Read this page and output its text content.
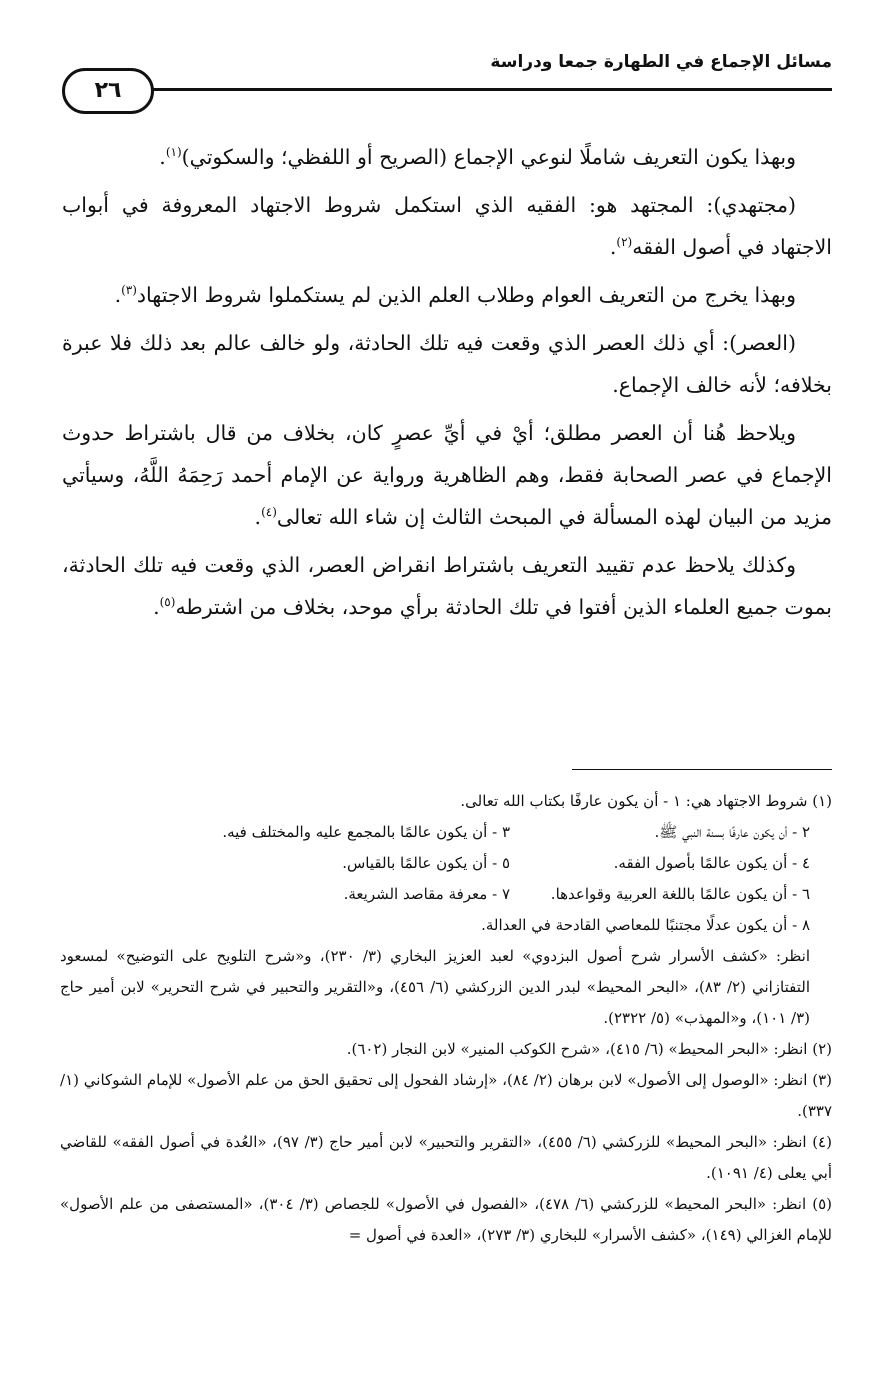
مسائل الإجماع في الطهارة جمعا ودراسة
٢٦

وبهذا يكون التعريف شاملًا لنوعي الإجماع (الصريح أو اللفظي؛ والسكوتي)$^{(١)}$.

(مجتهدي): المجتهد هو: الفقيه الذي استكمل شروط الاجتهاد المعروفة في أبواب الاجتهاد في أصول الفقه$^{(٢)}$.

وبهذا يخرج من التعريف العوام وطلاب العلم الذين لم يستكملوا شروط الاجتهاد$^{(٣)}$.

(العصر): أي ذلك العصر الذي وقعت فيه تلك الحادثة، ولو خالف عالم بعد ذلك فلا عبرة بخلافه؛ لأنه خالف الإجماع.

ويلاحظ هُنا أن العصر مطلق؛ أيْ في أيِّ عصرٍ كان، بخلاف من قال باشتراط حدوث الإجماع في عصر الصحابة فقط، وهم الظاهرية ورواية عن الإمام أحمد رَحِمَهُ اللَّهُ، وسيأتي مزيد من البيان لهذه المسألة في المبحث الثالث إن شاء الله تعالى$^{(٤)}$.

وكذلك يلاحظ عدم تقييد التعريف باشتراط انقراض العصر، الذي وقعت فيه تلك الحادثة، بموت جميع العلماء الذين أفتوا في تلك الحادثة برأي موحد، بخلاف من اشترطه$^{(٥)}$.

(١) شروط الاجتهاد هي: ١ - أن يكون عارفًا بكتاب الله تعالى.

٢ - أن يكون عارفًا بسنة النبي ﷺ.
٣ - أن يكون عالمًا بالمجمع عليه والمختلف فيه.
٤ - أن يكون عالمًا بأصول الفقه.
٥ - أن يكون عالمًا بالقياس.
٦ - أن يكون عالمًا باللغة العربية وقواعدها.
٧ - معرفة مقاصد الشريعة.

٨ - أن يكون عدلًا مجتنبًا للمعاصي القادحة في العدالة.

انظر: «كشف الأسرار شرح أصول البزدوي» لعبد العزيز البخاري (٣/ ٢٣٠)، و«شرح التلويح على التوضيح» لمسعود التفتازاني (٢/ ٨٣)، «البحر المحيط» لبدر الدين الزركشي (٦/ ٤٥٦)، و«التقرير والتحبير في شرح التحرير» لابن أمير حاج (٣/ ١٠١)، و«المهذب» (٥/ ٢٣٢٢).

(٢) انظر: «البحر المحيط» (٦/ ٤١٥)، «شرح الكوكب المنير» لابن النجار (٦٠٢).

(٣) انظر: «الوصول إلى الأصول» لابن برهان (٢/ ٨٤)، «إرشاد الفحول إلى تحقيق الحق من علم الأصول» للإمام الشوكاني (١/ ٣٣٧).

(٤) انظر: «البحر المحيط» للزركشي (٦/ ٤٥٥)، «التقرير والتحبير» لابن أمير حاج (٣/ ٩٧)، «العُدة في أصول الفقه» للقاضي أبي يعلى (٤/ ١٠٩١).

(٥) انظر: «البحر المحيط» للزركشي (٦/ ٤٧٨)، «الفصول في الأصول» للجصاص (٣/ ٣٠٤)، «المستصفى من علم الأصول» للإمام الغزالي (١٤٩)، «كشف الأسرار» للبخاري (٣/ ٢٧٣)، «العدة في أصول =
